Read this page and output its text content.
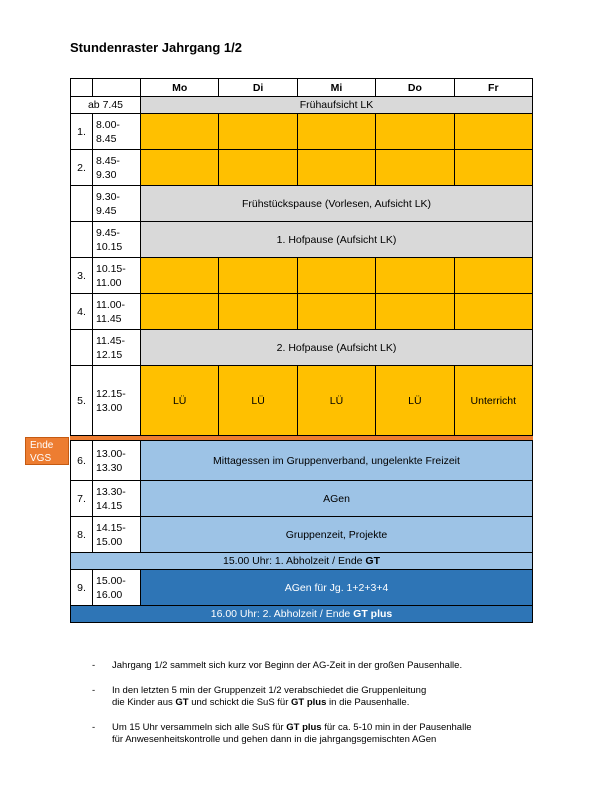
Stundenraster Jahrgang 1/2
		Mo	Di	Mi	Do	Fr
ab 7.45		Frühaufsicht LK				
1.	8.00-
8.45					
2.	8.45-
9.30					
	9.30-
9.45	Frühstückspause (Vorlesen, Aufsicht LK)				
	9.45-
10.15	1. Hofpause (Aufsicht LK)				
3.	10.15-
11.00					
4.	11.00-
11.45					
	11.45-
12.15	2. Hofpause (Aufsicht LK)				
5.	12.15-
13.00	LÜ	LÜ	LÜ	LÜ	Unterricht

6.	13.00-
13.30	Mittagessen im Gruppenverband, ungelenkte Freizeit				
7.	13.30-
14.15	AGen				
8.	14.15-
15.00	Gruppenzeit, Projekte				
15.00 Uhr: 1. Abholzeit / Ende GT						
9.	15.00-
16.00	AGen für Jg. 1+2+3+4				
16.00 Uhr: 2. Abholzeit / Ende GT plus						
Ende
VGS
- Jahrgang 1/2 sammelt sich kurz vor Beginn der AG-Zeit in der großen Pausenhalle.
- In den letzten 5 min der Gruppenzeit 1/2 verabschiedet die Gruppenleitung
die Kinder aus GT und schickt die SuS für GT plus in die Pausenhalle.
- Um 15 Uhr versammeln sich alle SuS für GT plus für ca. 5-10 min in der Pausenhalle
für Anwesenheitskontrolle und gehen dann in die jahrgangsgemischten AGen
